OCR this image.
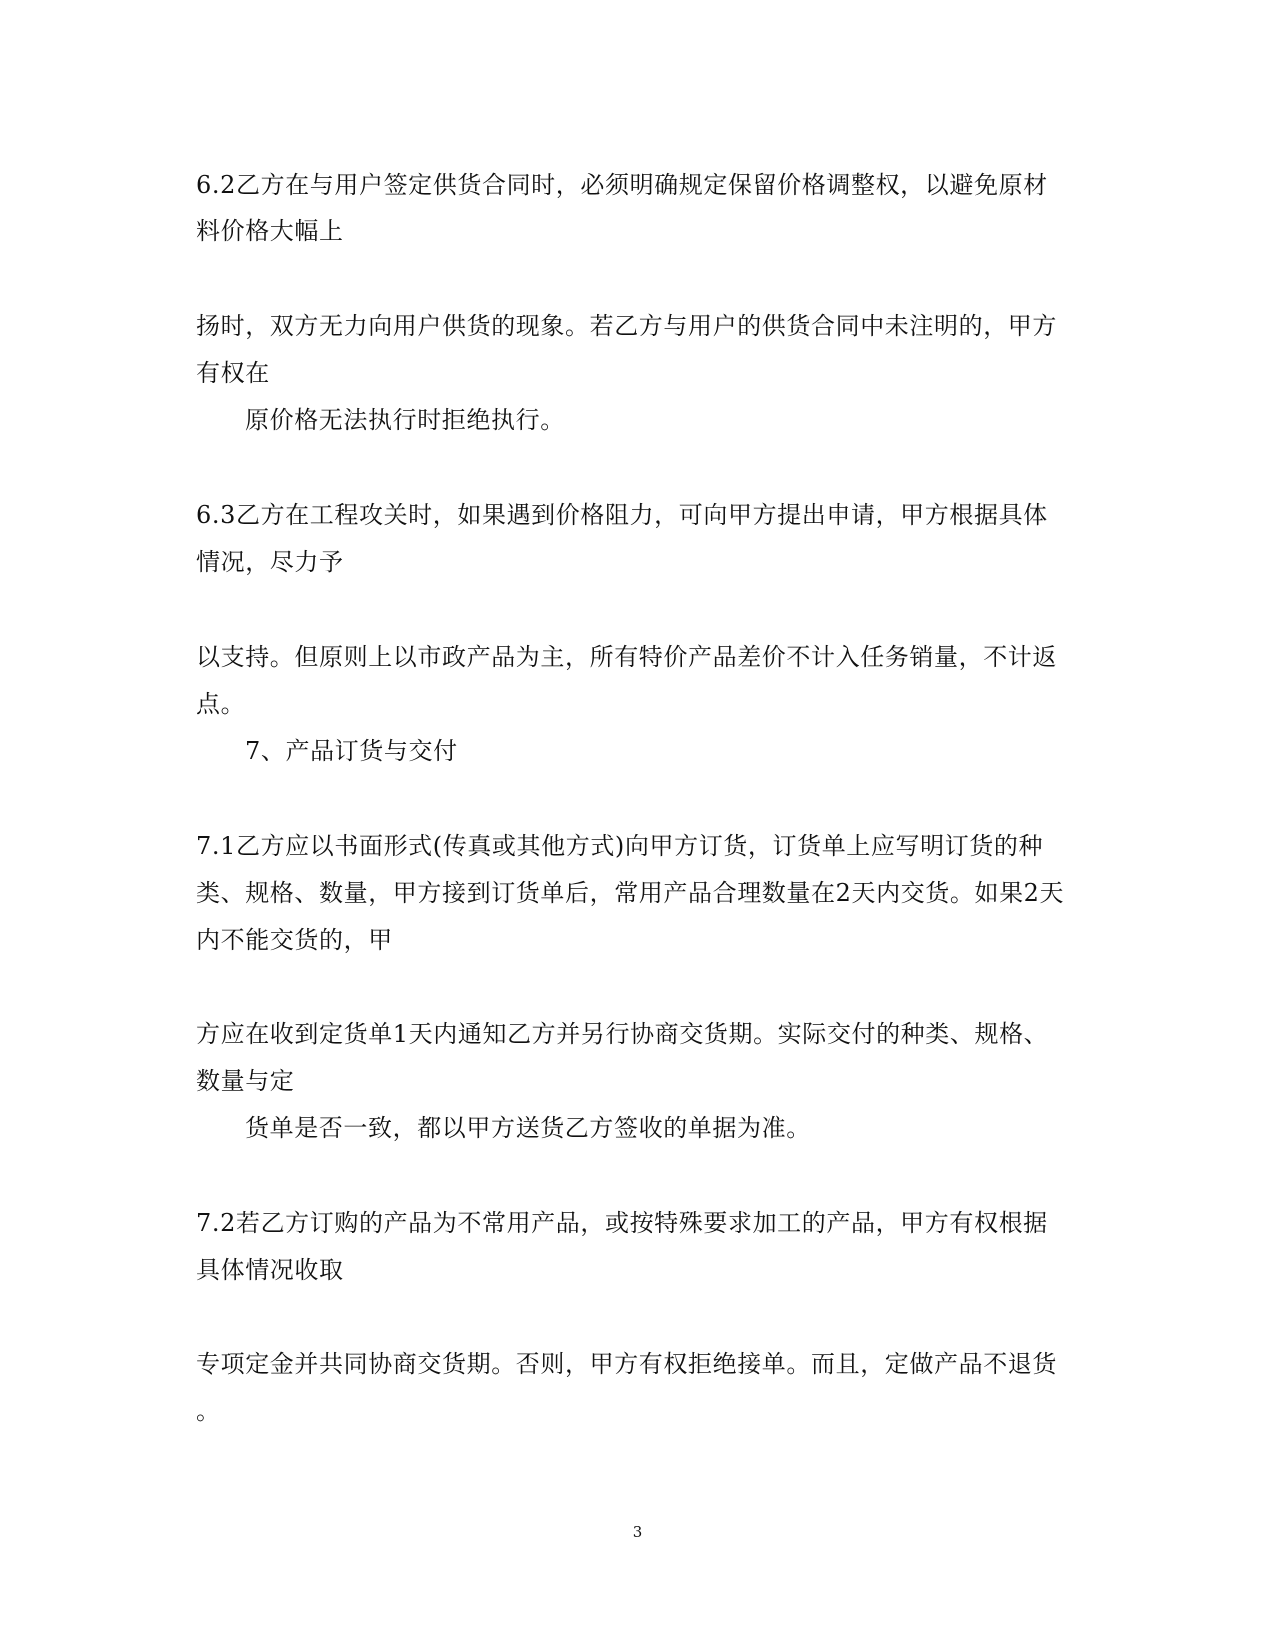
6.2乙方在与用户签定供货合同时，必须明确规定保留价格调整权，以避免原材
料价格大幅上
扬时，双方无力向用户供货的现象。若乙方与用户的供货合同中未注明的，甲方
有权在
原价格无法执行时拒绝执行。
6.3乙方在工程攻关时，如果遇到价格阻力，可向甲方提出申请，甲方根据具体
情况，尽力予
以支持。但原则上以市政产品为主，所有特价产品差价不计入任务销量，不计返
点。
7、产品订货与交付
7.1乙方应以书面形式(传真或其他方式)向甲方订货，订货单上应写明订货的种
类、规格、数量，甲方接到订货单后，常用产品合理数量在2天内交货。如果2天
内不能交货的，甲
方应在收到定货单1天内通知乙方并另行协商交货期。实际交付的种类、规格、
数量与定
货单是否一致，都以甲方送货乙方签收的单据为准。
7.2若乙方订购的产品为不常用产品，或按特殊要求加工的产品，甲方有权根据
具体情况收取
专项定金并共同协商交货期。否则，甲方有权拒绝接单。而且，定做产品不退货
。
3
